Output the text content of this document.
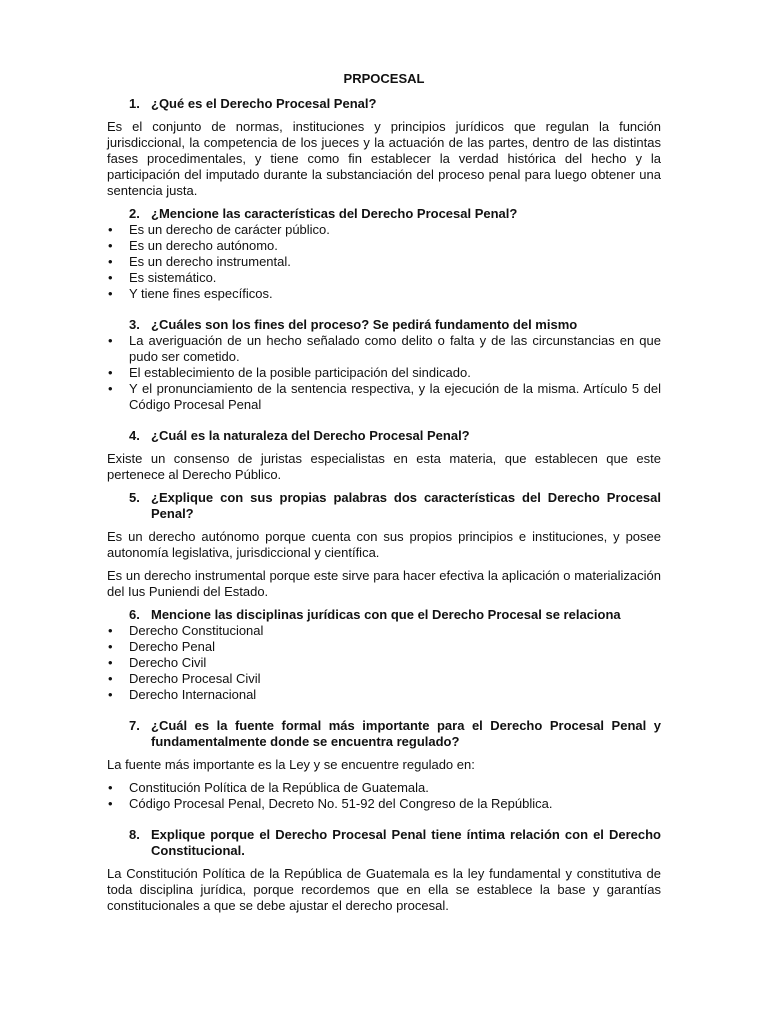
PRPOCESAL
1. ¿Qué es el Derecho Procesal Penal?

Es el conjunto de normas, instituciones y principios jurídicos que regulan la función jurisdiccional, la competencia de los jueces y la actuación de las partes, dentro de las distintas fases procedimentales, y tiene como fin establecer la verdad histórica del hecho y la participación del imputado durante la substanciación del proceso penal para luego obtener una sentencia justa.

2. ¿Mencione las características del Derecho Procesal Penal?
• Es un derecho de carácter público.
• Es un derecho autónomo.
• Es un derecho instrumental.
• Es sistemático.
• Y tiene fines específicos.
3. ¿Cuáles son los fines del proceso? Se pedirá fundamento del mismo
• La averiguación de un hecho señalado como delito o falta y de las circunstancias en que pudo ser cometido.
• El establecimiento de la posible participación del sindicado.
• Y el pronunciamiento de la sentencia respectiva, y la ejecución de la misma. Artículo 5 del Código Procesal Penal
4. ¿Cuál es la naturaleza del Derecho Procesal Penal?

Existe un consenso de juristas especialistas en esta materia, que establecen que este pertenece al Derecho Público.

5. ¿Explique con sus propias palabras dos características del Derecho Procesal Penal?

Es un derecho autónomo porque cuenta con sus propios principios e instituciones, y posee autonomía legislativa, jurisdiccional y científica.

Es un derecho instrumental porque este sirve para hacer efectiva la aplicación o materialización del Ius Puniendi del Estado.

6. Mencione las disciplinas jurídicas con que el Derecho Procesal se relaciona
• Derecho Constitucional
• Derecho Penal
• Derecho Civil
• Derecho Procesal Civil
• Derecho Internacional
7. ¿Cuál es la fuente formal más importante para el Derecho Procesal Penal y fundamentalmente donde se encuentra regulado?

La fuente más importante es la Ley y se encuentre regulado en:

• Constitución Política de la República de Guatemala.
• Código Procesal Penal, Decreto No. 51-92 del Congreso de la República.
8. Explique porque el Derecho Procesal Penal tiene íntima relación con el Derecho Constitucional.

La Constitución Política de la República de Guatemala es la ley fundamental y constitutiva de toda disciplina jurídica, porque recordemos que en ella se establece la base y garantías constitucionales a que se debe ajustar el derecho procesal.
